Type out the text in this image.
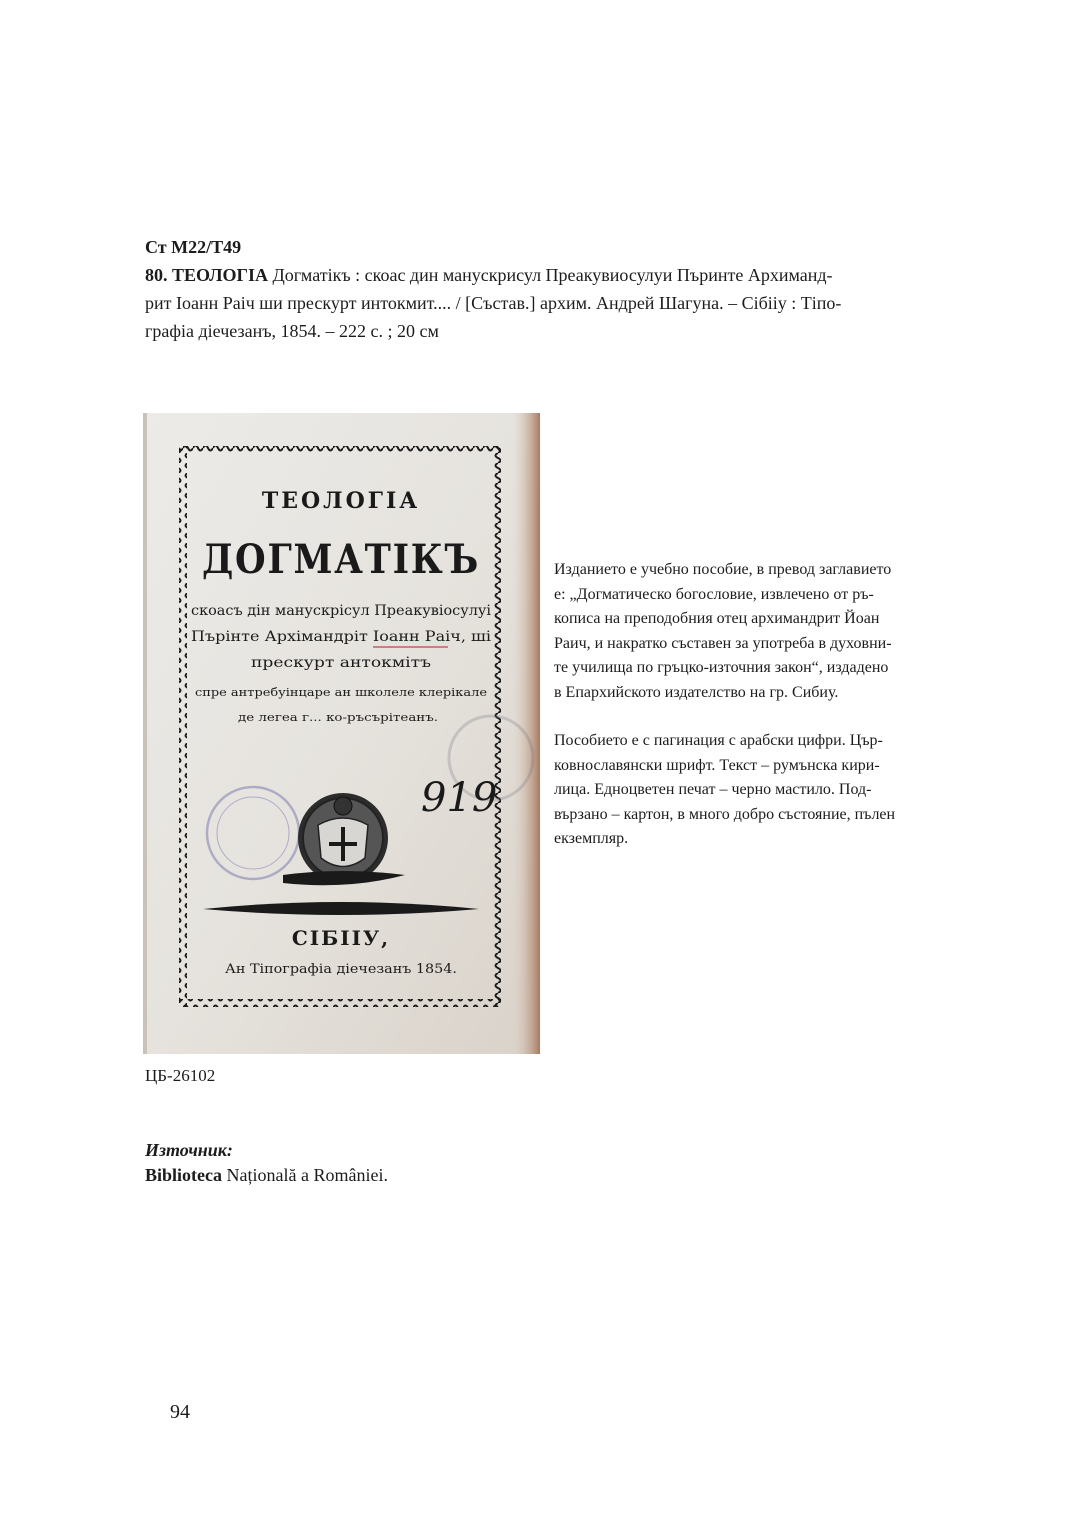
Ст М22/Т49
80. ТЕОЛОГІА Догматікъ : скоас дин манускрисул Преакувиосулуи Пъринте Архиманд-
рит Іоанн Раіч ши прескурт интокмит.... / [Състав.] архим. Андрей Шагуна. – Сібііу : Тіпо-
графіа діечезанъ, 1854. – 222 с. ; 20 см
ТЕОЛОГІА
ДОГМАТІКЪ
скоасъ дін манускрісул Преакувіосулуі
Пърінте Архімандріт Іоанн Раіч, ші
прескурт антокмітъ
спре антребуінцаре ан школеле клерікале
де легеа г... ко-ръсърітеанъ.
919
СІБІІУ,
Ан Тіпографіа діечезанъ 1854.

Изданието е учебно пособие, в превод заглавието
е: „Догматическо богословие, извлечено от ръ-
кописа на преподобния отец архимандрит Йоан
Раич, и накратко съставен за употреба в духовни-
те училища по гръцко-източния закон“, издадено
в Епархийското издателство на гр. Сибиу.

Пособието е с пагинация с арабски цифри. Цър-
ковнославянски шрифт. Текст – румънска кири-
лица. Едноцветен печат – черно мастило. Под-
вързано – картон, в много добро състояние, пълен
екземпляр.

ЦБ-26102
Източник:
Biblioteca Națională a României.
94
